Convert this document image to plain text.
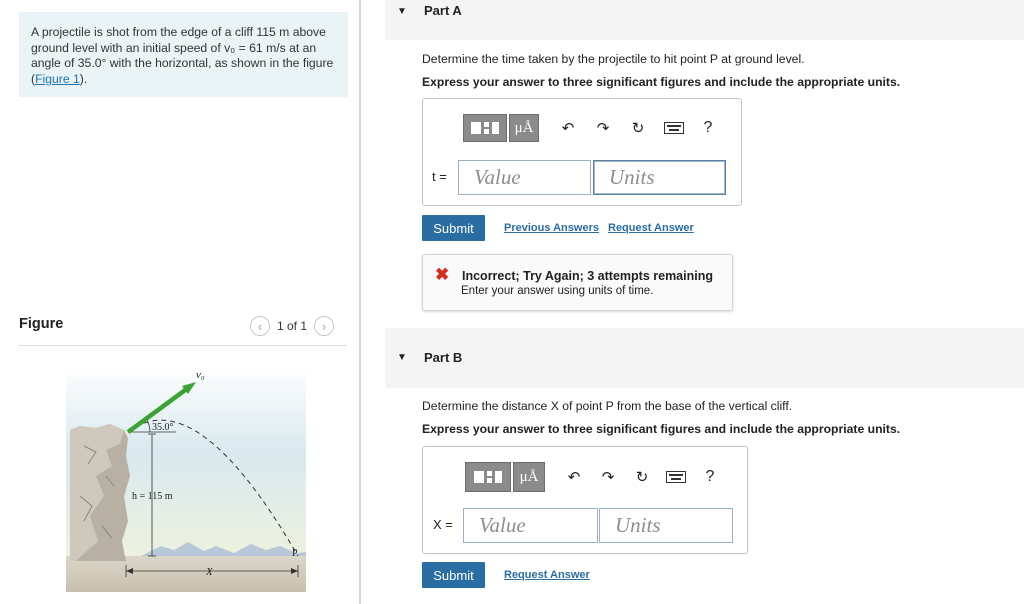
A projectile is shot from the edge of a cliff 115 m above ground level with an initial speed of v₀ = 61 m/s at an angle of 35.0° with the horizontal, as shown in the figure (Figure 1).
Figure	‹	1 of 1	›
v₀
35.0°
h = 115 m
X
P
▼ Part A
Determine the time taken by the projectile to hit point P at ground level.
Express your answer to three significant figures and include the appropriate units.
μÅ	↶	↷	↻	?
t =	Value	Units
Submit	Previous Answers Request Answer
✖ Incorrect; Try Again; 3 attempts remaining
Enter your answer using units of time.
▼ Part B
Determine the distance X of point P from the base of the vertical cliff.
Express your answer to three significant figures and include the appropriate units.
μÅ	↶	↷	↻	?
X =	Value	Units
Submit	Request Answer
